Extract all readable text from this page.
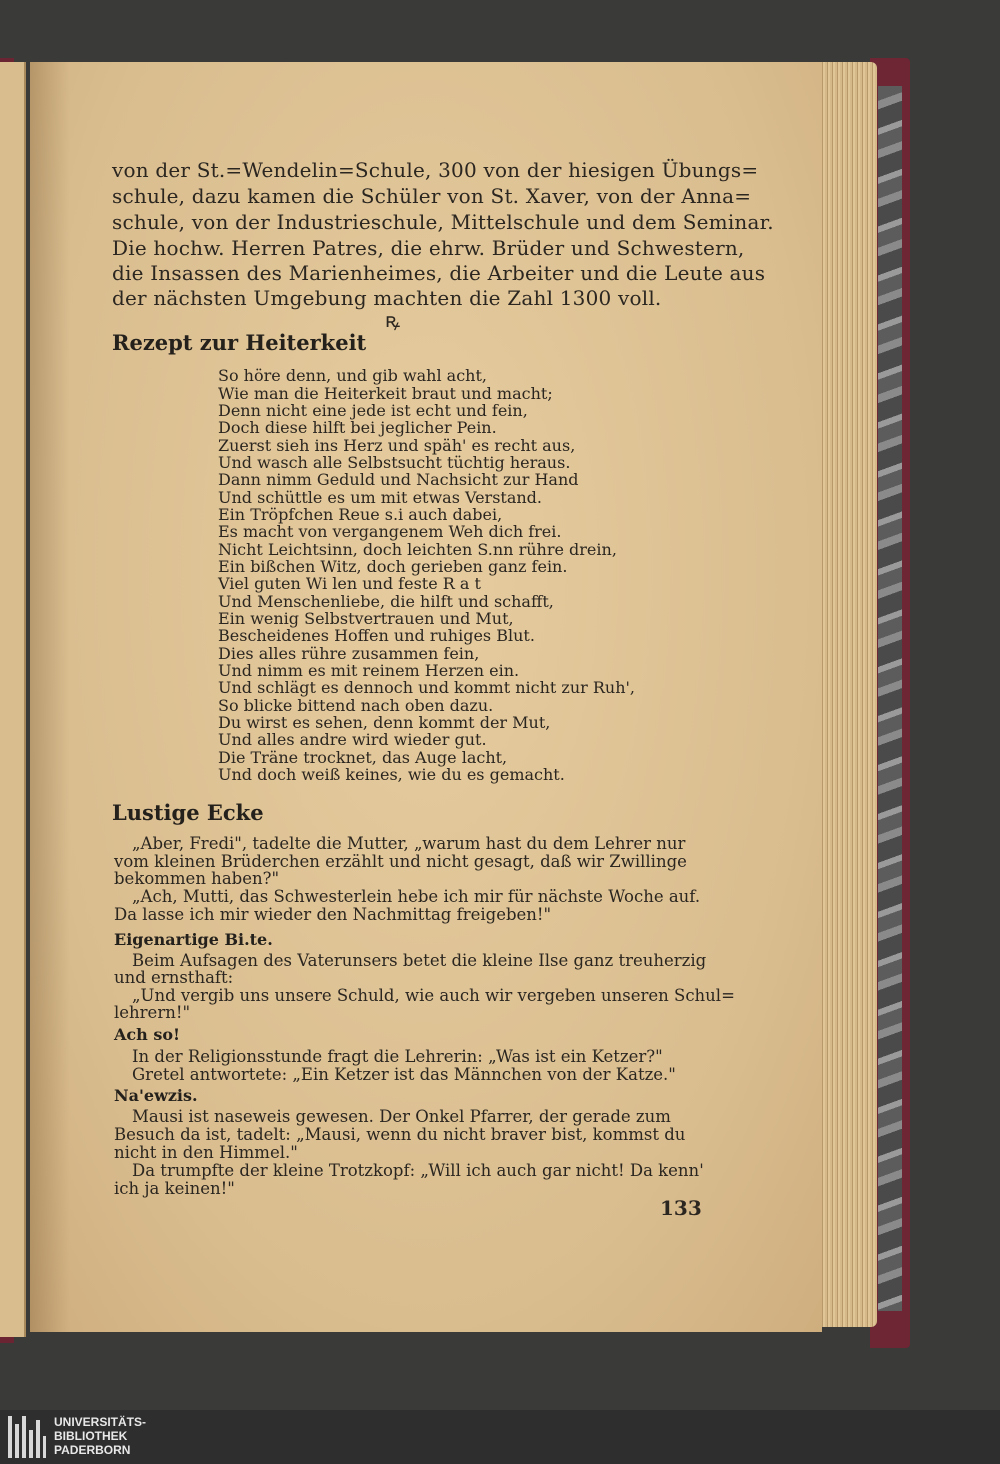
von der St.=Wendelin=Schule, 300 von der hiesigen Übungs=
schule, dazu kamen die Schüler von St. Xaver, von der Anna=
schule, von der Industrieschule, Mittelschule und dem Seminar.
Die hochw. Herren Patres, die ehrw. Brüder und Schwestern,
die Insassen des Marienheimes, die Arbeiter und die Leute aus
der nächsten Umgebung machten die Zahl 1300 voll.
ꝶ
Rezept zur Heiterkeit
So höre denn, und gib wahl acht,
Wie man die Heiterkeit braut und macht;
Denn nicht eine jede ist echt und fein,
Doch diese hilft bei jeglicher Pein.
Zuerst sieh ins Herz und späh' es recht aus,
Und wasch alle Selbstsucht tüchtig heraus.
Dann nimm Geduld und Nachsicht zur Hand
Und schüttle es um mit etwas Verstand.
Ein Tröpfchen Reue s.i auch dabei,
Es macht von vergangenem Weh dich frei.
Nicht Leichtsinn, doch leichten S.nn rühre drein,
Ein bißchen Witz, doch gerieben ganz fein.
Viel guten Wi len und feste R a t
Und Menschenliebe, die hilft und schafft,
Ein wenig Selbstvertrauen und Mut,
Bescheidenes Hoffen und ruhiges Blut.
Dies alles rühre zusammen fein,
Und nimm es mit reinem Herzen ein.
Und schlägt es dennoch und kommt nicht zur Ruh',
So blicke bittend nach oben dazu.
Du wirst es sehen, denn kommt der Mut,
Und alles andre wird wieder gut.
Die Träne trocknet, das Auge lacht,
Und doch weiß keines, wie du es gemacht.
Lustige Ecke
„Aber, Fredi", tadelte die Mutter, „warum hast du dem Lehrer nur
vom kleinen Brüderchen erzählt und nicht gesagt, daß wir Zwillinge
bekommen haben?"
„Ach, Mutti, das Schwesterlein hebe ich mir für nächste Woche auf.
Da lasse ich mir wieder den Nachmittag freigeben!"
Eigenartige Bi.te.
Beim Aufsagen des Vaterunsers betet die kleine Ilse ganz treuherzig
und ernsthaft:
„Und vergib uns unsere Schuld, wie auch wir vergeben unseren Schul=
lehrern!"
Ach so!
In der Religionsstunde fragt die Lehrerin: „Was ist ein Ketzer?"
Gretel antwortete: „Ein Ketzer ist das Männchen von der Katze."
Na'ewzis.
Mausi ist naseweis gewesen. Der Onkel Pfarrer, der gerade zum
Besuch da ist, tadelt: „Mausi, wenn du nicht braver bist, kommst du
nicht in den Himmel."
Da trumpfte der kleine Trotzkopf: „Will ich auch gar nicht! Da kenn'
ich ja keinen!"
133
UNIVERSITÄTS-
BIBLIOTHEK
PADERBORN
